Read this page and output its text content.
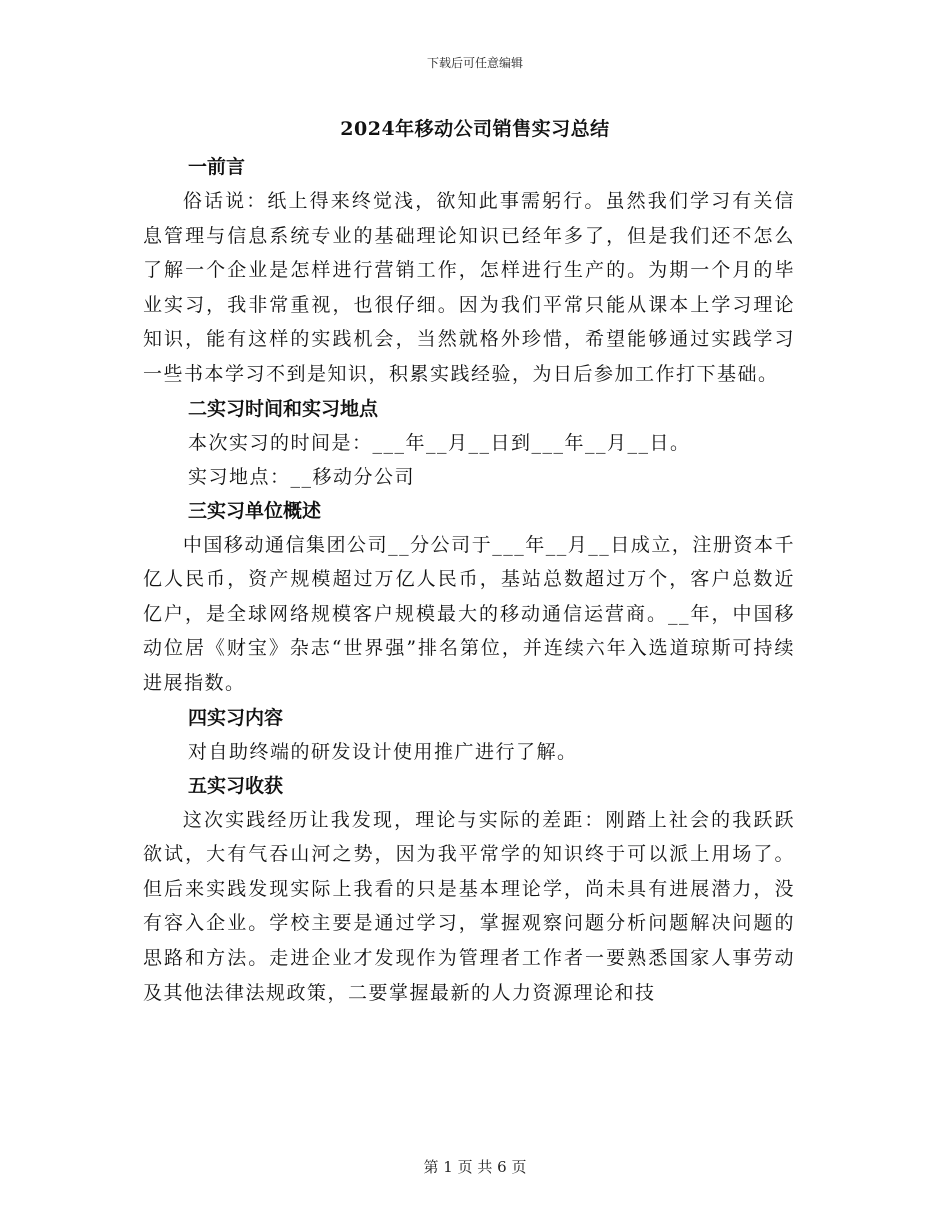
下载后可任意编辑
2024年移动公司销售实习总结
一前言

俗话说：纸上得来终觉浅，欲知此事需躬行。虽然我们学习有关信息管理与信息系统专业的基础理论知识已经年多了，但是我们还不怎么了解一个企业是怎样进行营销工作，怎样进行生产的。为期一个月的毕业实习，我非常重视，也很仔细。因为我们平常只能从课本上学习理论知识，能有这样的实践机会，当然就格外珍惜，希望能够通过实践学习一些书本学习不到是知识，积累实践经验，为日后参加工作打下基础。

二实习时间和实习地点

本次实习的时间是：___年__月__日到___年__月__日。

实习地点：__移动分公司

三实习单位概述

中国移动通信集团公司__分公司于___年__月__日成立，注册资本千亿人民币，资产规模超过万亿人民币，基站总数超过万个，客户总数近亿户，是全球网络规模客户规模最大的移动通信运营商。__年，中国移动位居《财宝》杂志“世界强”排名第位，并连续六年入选道琼斯可持续进展指数。

四实习内容

对自助终端的研发设计使用推广进行了解。

五实习收获

这次实践经历让我发现，理论与实际的差距：刚踏上社会的我跃跃欲试，大有气吞山河之势，因为我平常学的知识终于可以派上用场了。但后来实践发现实际上我看的只是基本理论学，尚未具有进展潜力，没有容入企业。学校主要是通过学习，掌握观察问题分析问题解决问题的思路和方法。走进企业才发现作为管理者工作者一要熟悉国家人事劳动及其他法律法规政策，二要掌握最新的人力资源理论和技

第 1 页 共 6 页
